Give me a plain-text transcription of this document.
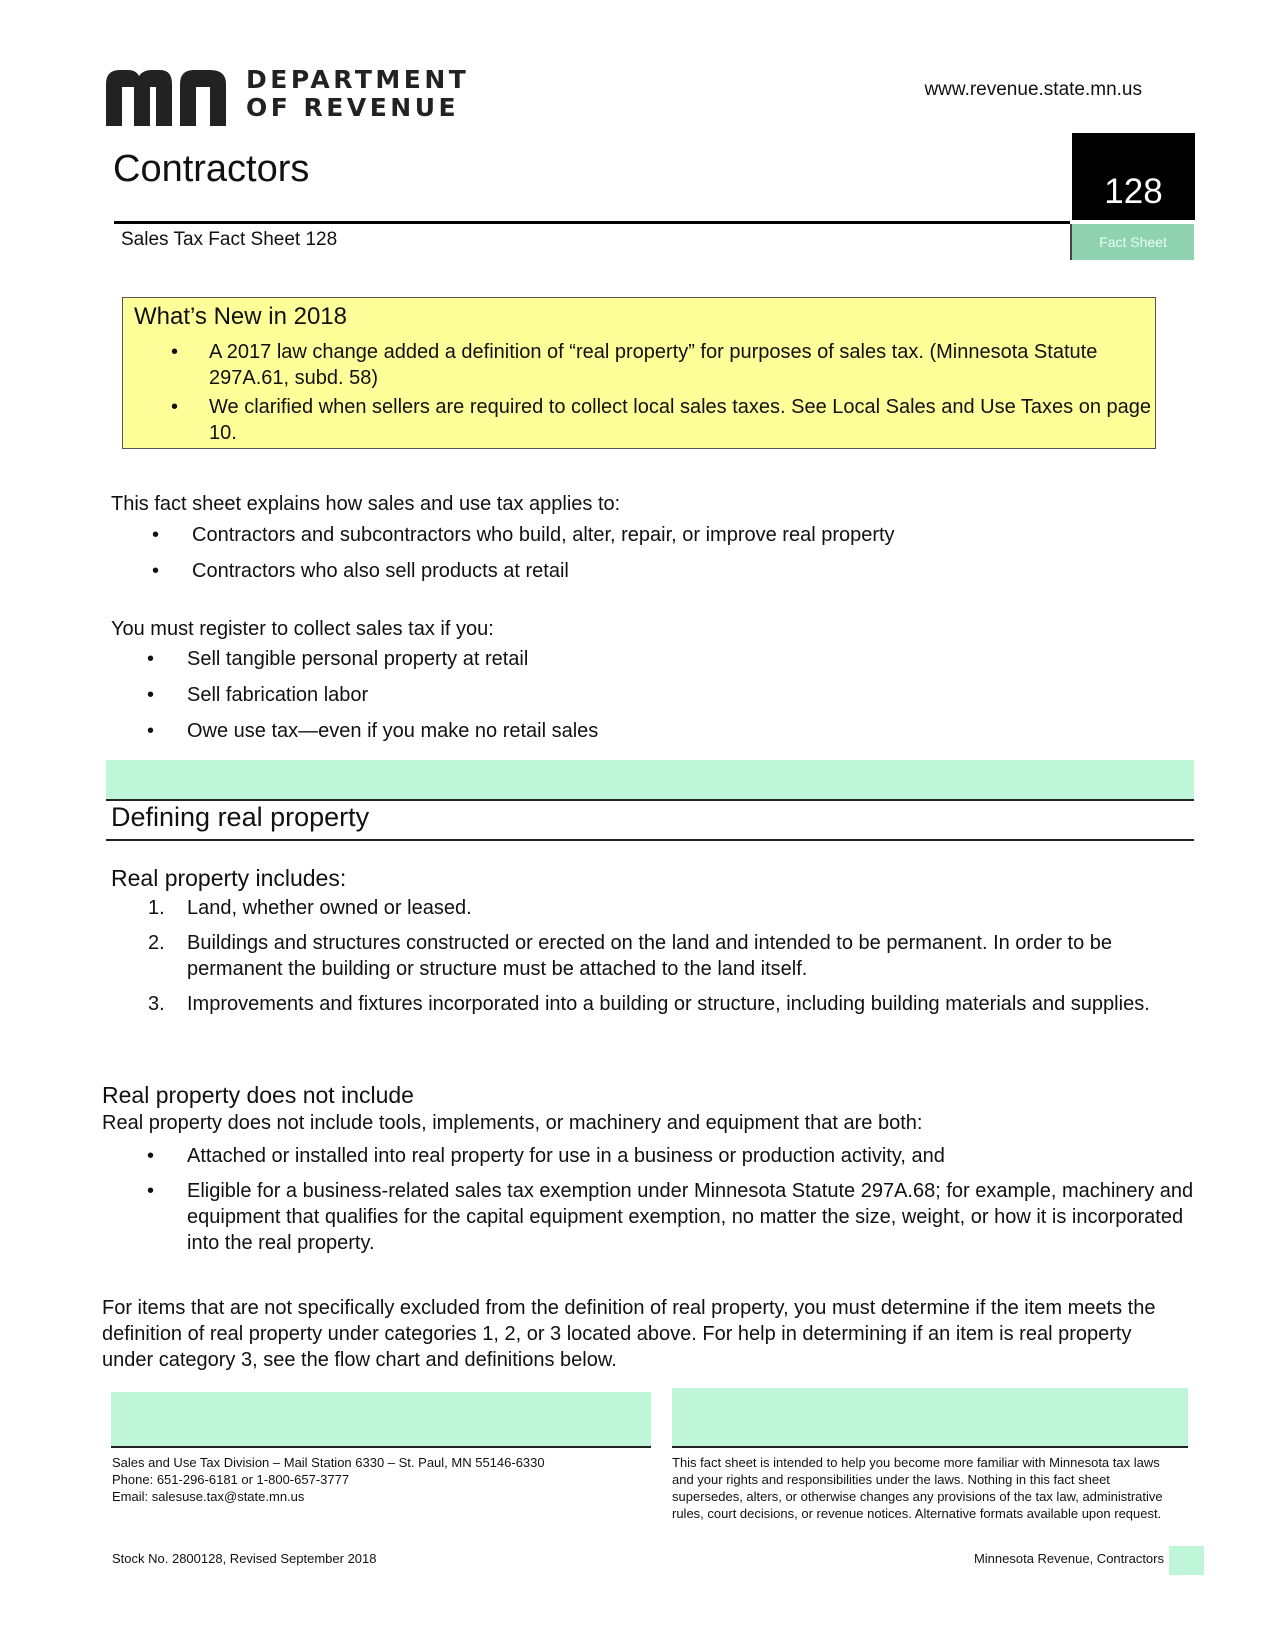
DEPARTMENT
OF REVENUE
www.revenue.state.mn.us
Contractors
128
Fact Sheet
Sales Tax Fact Sheet 128
What’s New in 2018
• A 2017 law change added a definition of “real property” for purposes of sales tax. (Minnesota Statute 297A.61, subd. 58)
• We clarified when sellers are required to collect local sales taxes. See Local Sales and Use Taxes on page 10.
This fact sheet explains how sales and use tax applies to:
• Contractors and subcontractors who build, alter, repair, or improve real property
• Contractors who also sell products at retail
You must register to collect sales tax if you:
• Sell tangible personal property at retail
• Sell fabrication labor
• Owe use tax—even if you make no retail sales
Defining real property
Real property includes:
1. Land, whether owned or leased.
2. Buildings and structures constructed or erected on the land and intended to be permanent. In order to be permanent the building or structure must be attached to the land itself.
3. Improvements and fixtures incorporated into a building or structure, including building materials and supplies.
Real property does not include
Real property does not include tools, implements, or machinery and equipment that are both:
• Attached or installed into real property for use in a business or production activity, and
• Eligible for a business-related sales tax exemption under Minnesota Statute 297A.68; for example, machinery and equipment that qualifies for the capital equipment exemption, no matter the size, weight, or how it is incorporated into the real property.
For items that are not specifically excluded from the definition of real property, you must determine if the item meets the definition of real property under categories 1, 2, or 3 located above. For help in determining if an item is real property under category 3, see the flow chart and definitions below.
Sales and Use Tax Division – Mail Station 6330 – St. Paul, MN 55146-6330
Phone: 651-296-6181 or 1-800-657-3777
Email: salesuse.tax@state.mn.us
This fact sheet is intended to help you become more familiar with Minnesota tax laws and your rights and responsibilities under the laws. Nothing in this fact sheet supersedes, alters, or otherwise changes any provisions of the tax law, administrative rules, court decisions, or revenue notices. Alternative formats available upon request.
Stock No. 2800128, Revised September 2018	Minnesota Revenue, Contractors
